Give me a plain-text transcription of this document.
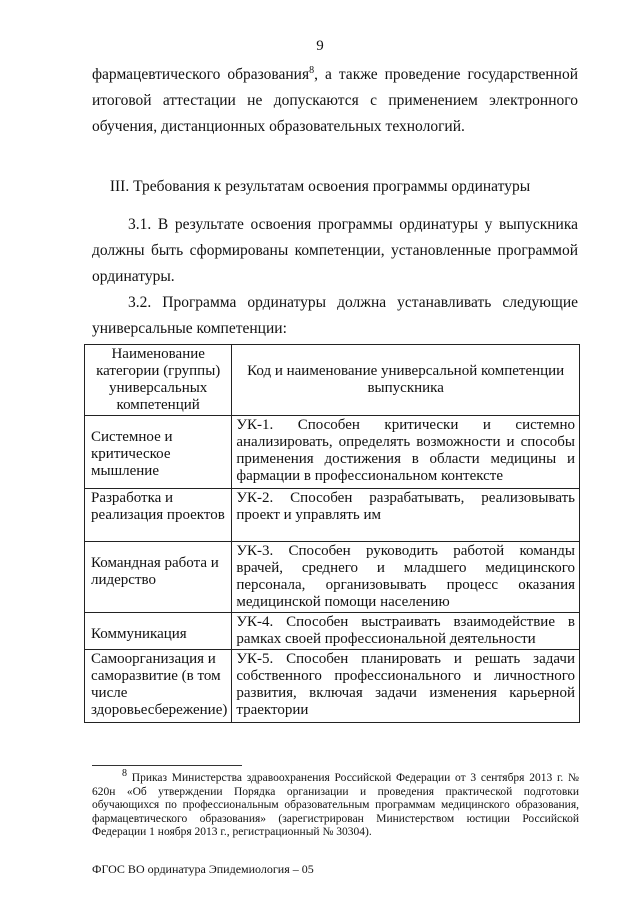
9
фармацевтического образования$^8$, а также проведение государственной
итоговой аттестации не допускаются с применением электронного
обучения, дистанционных образовательных технологий.
III. Требования к результатам освоения программы ординатуры
3.1. В результате освоения программы ординатуры у выпускника
должны быть сформированы компетенции, установленные программой
ординатуры.
3.2. Программа ординатуры должна устанавливать следующие
универсальные компетенции:
Наименование категории (группы) универсальных компетенций	Код и наименование универсальной компетенции выпускника

Системное и критическое мышление	УК-1. Способен критически и системно анализировать, определять возможности и способы применения достижения в области медицины и фармации в профессиональном контексте

Разработка и реализация проектов	УК-2. Способен разрабатывать, реализовывать проект и управлять им

Командная работа и лидерство	УК-3. Способен руководить работой команды врачей, среднего и младшего медицинского персонала, организовывать процесс оказания медицинской помощи населению

Коммуникация	УК-4. Способен выстраивать взаимодействие в рамках своей профессиональной деятельности

Самоорганизация и саморазвитие (в том числе здоровьесбережение)	УК-5. Способен планировать и решать задачи собственного профессионального и личностного развития, включая задачи изменения карьерной траектории

$^8$ Приказ Министерства здравоохранения Российской Федерации от 3 сентября 2013 г. № 620н «Об утверждении Порядка организации и проведения практической подготовки обучающихся по профессиональным образовательным программам медицинского образования, фармацевтического образования» (зарегистрирован Министерством юстиции Российской Федерации 1 ноября 2013 г., регистрационный № 30304).

ФГОС ВО ординатура Эпидемиология – 05
